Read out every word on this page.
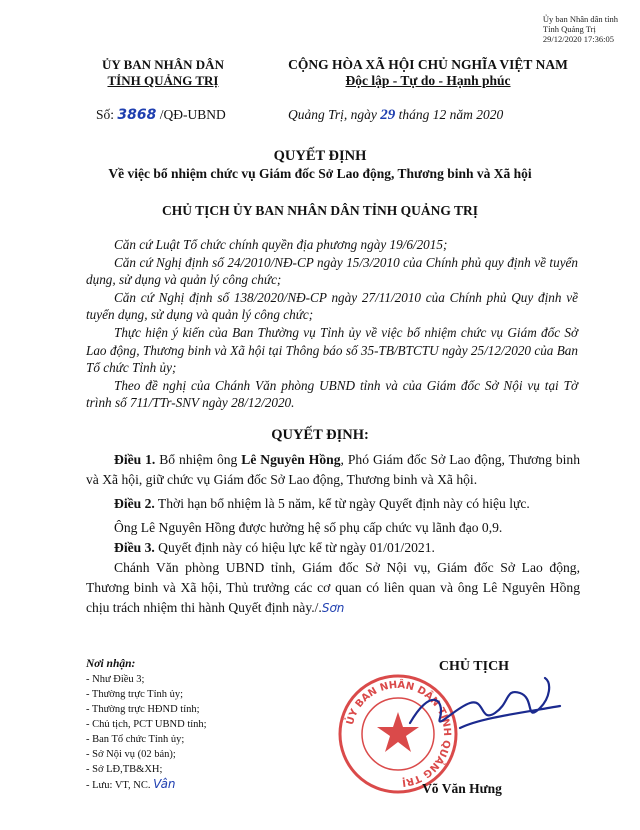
Ủy ban Nhân dân tỉnh
Tỉnh Quảng Trị
29/12/2020 17:36:05
ỦY BAN NHÂN DÂN
TỈNH QUẢNG TRỊ
CỘNG HÒA XÃ HỘI CHỦ NGHĨA VIỆT NAM
Độc lập - Tự do - Hạnh phúc
Số: 3868 /QĐ-UBND	Quảng Trị, ngày 29 tháng 12 năm 2020
QUYẾT ĐỊNH
Về việc bổ nhiệm chức vụ Giám đốc Sở Lao động, Thương binh và Xã hội
CHỦ TỊCH ỦY BAN NHÂN DÂN TỈNH QUẢNG TRỊ

Căn cứ Luật Tổ chức chính quyền địa phương ngày 19/6/2015;

Căn cứ Nghị định số 24/2010/NĐ-CP ngày 15/3/2010 của Chính phủ quy định về tuyển dụng, sử dụng và quản lý công chức;

Căn cứ Nghị định số 138/2020/NĐ-CP ngày 27/11/2010 của Chính phủ Quy định về tuyển dụng, sử dụng và quản lý công chức;

Thực hiện ý kiến của Ban Thường vụ Tỉnh ủy về việc bổ nhiệm chức vụ Giám đốc Sở Lao động, Thương binh và Xã hội tại Thông báo số 35-TB/BTCTU ngày 25/12/2020 của Ban Tổ chức Tỉnh ủy;

Theo đề nghị của Chánh Văn phòng UBND tỉnh và của Giám đốc Sở Nội vụ tại Tờ trình số 711/TTr-SNV ngày 28/12/2020.

QUYẾT ĐỊNH:

Điều 1. Bổ nhiệm ông Lê Nguyên Hồng, Phó Giám đốc Sở Lao động, Thương binh và Xã hội, giữ chức vụ Giám đốc Sở Lao động, Thương binh và Xã hội.

Điều 2. Thời hạn bổ nhiệm là 5 năm, kể từ ngày Quyết định này có hiệu lực.

Ông Lê Nguyên Hồng được hưởng hệ số phụ cấp chức vụ lãnh đạo 0,9.

Điều 3. Quyết định này có hiệu lực kể từ ngày 01/01/2021.

Chánh Văn phòng UBND tỉnh, Giám đốc Sở Nội vụ, Giám đốc Sở Lao động, Thương binh và Xã hội, Thủ trưởng các cơ quan có liên quan và ông Lê Nguyên Hồng chịu trách nhiệm thi hành Quyết định này./.Sơn

Nơi nhận:
- Như Điều 3;
- Thường trực Tỉnh ủy;
- Thường trực HĐND tỉnh;
- Chủ tịch, PCT UBND tỉnh;
- Ban Tổ chức Tỉnh ủy;
- Sở Nội vụ (02 bản);
- Sở LĐ,TB&XH;
- Lưu: VT, NC. Vân
ỦY BAN NHÂN DÂN TỈNH QUẢNG TRỊ
CHỦ TỊCH
Võ Văn Hưng
